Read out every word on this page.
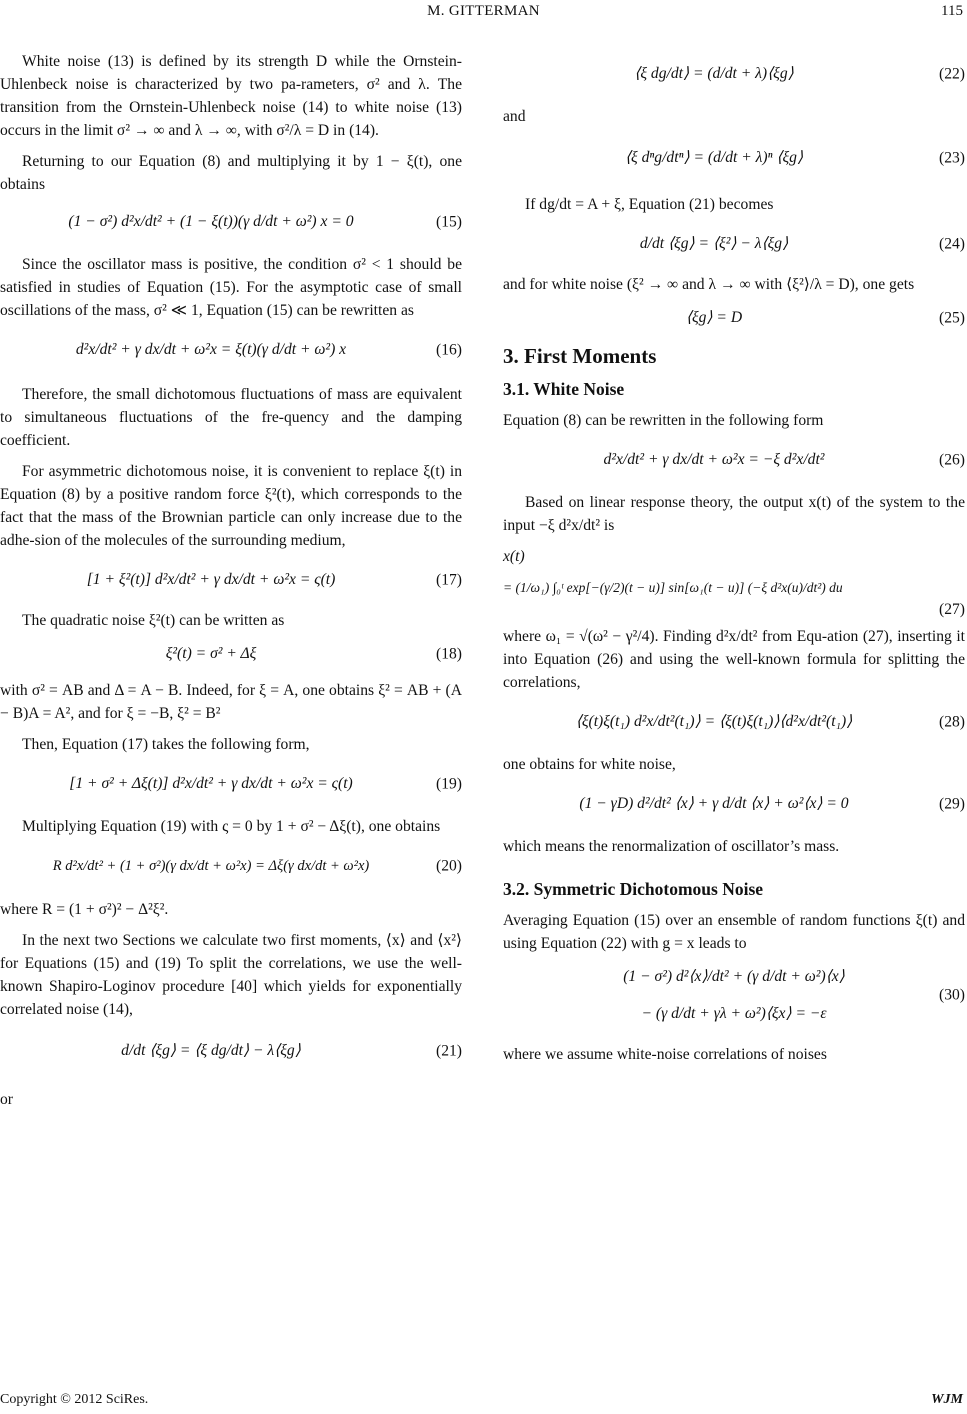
M. GITTERMAN	115

White noise (13) is defined by its strength D while the Ornstein-Uhlenbeck noise is characterized by two pa-rameters, σ² and λ. The transition from the Ornstein-Uhlenbeck noise (14) to white noise (13) occurs in the limit σ² → ∞ and λ → ∞, with σ²/λ = D in (14).

Returning to our Equation (8) and multiplying it by 1 − ξ(t), one obtains

(1 − σ²) d²x/dt² + (1 − ξ(t))(γ d/dt + ω²) x = 0	(15)

Since the oscillator mass is positive, the condition σ² < 1 should be satisfied in studies of Equation (15). For the asymptotic case of small oscillations of the mass, σ² ≪ 1, Equation (15) can be rewritten as

d²x/dt² + γ dx/dt + ω²x = ξ(t)(γ d/dt + ω²) x	(16)

Therefore, the small dichotomous fluctuations of mass are equivalent to simultaneous fluctuations of the fre-quency and the damping coefficient.

For asymmetric dichotomous noise, it is convenient to replace ξ(t) in Equation (8) by a positive random force ξ²(t), which corresponds to the fact that the mass of the Brownian particle can only increase due to the adhe-sion of the molecules of the surrounding medium,

[1 + ξ²(t)] d²x/dt² + γ dx/dt + ω²x = ς(t)	(17)

The quadratic noise ξ²(t) can be written as

ξ²(t) = σ² + Δξ	(18)

with σ² = AB and Δ = A − B. Indeed, for ξ = A, one obtains ξ² = AB + (A − B)A = A², and for ξ = −B, ξ² = B²

Then, Equation (17) takes the following form,

[1 + σ² + Δξ(t)] d²x/dt² + γ dx/dt + ω²x = ς(t)	(19)

Multiplying Equation (19) with ς = 0 by 1 + σ² − Δξ(t), one obtains

R d²x/dt² + (1 + σ²)(γ dx/dt + ω²x) = Δξ(γ dx/dt + ω²x)	(20)

where R = (1 + σ²)² − Δ²ξ².

In the next two Sections we calculate two first moments, ⟨x⟩ and ⟨x²⟩ for Equations (15) and (19) To split the correlations, we use the well-known Shapiro-Loginov procedure [40] which yields for exponentially correlated noise (14),

d/dt ⟨ξg⟩ = ⟨ξ dg/dt⟩ − λ⟨ξg⟩	(21)

or

⟨ξ dg/dt⟩ = (d/dt + λ)⟨ξg⟩	(22)

and

⟨ξ dⁿg/dtⁿ⟩ = (d/dt + λ)ⁿ ⟨ξg⟩	(23)

If dg/dt = A + ξ, Equation (21) becomes

d/dt ⟨ξg⟩ = ⟨ξ²⟩ − λ⟨ξg⟩	(24)

and for white noise (ξ² → ∞ and λ → ∞ with ⟨ξ²⟩/λ = D), one gets

⟨ξg⟩ = D	(25)
3. First Moments
3.1. White Noise

Equation (8) can be rewritten in the following form

d²x/dt² + γ dx/dt + ω²x = −ξ d²x/dt²	(26)

Based on linear response theory, the output x(t) of the system to the input −ξ d²x/dt² is

x(t)
= (1/ω₁) ∫₀ᵗ exp[−(γ/2)(t − u)] sin[ω₁(t − u)] (−ξ d²x(u)/dt²) du
(27)

where ω₁ = √(ω² − γ²/4). Finding d²x/dt² from Equ-ation (27), inserting it into Equation (26) and using the well-known formula for splitting the correlations,

⟨ξ(t)ξ(t₁) d²x/dt²(t₁)⟩ = ⟨ξ(t)ξ(t₁)⟩⟨d²x/dt²(t₁)⟩	(28)

one obtains for white noise,

(1 − γD) d²/dt² ⟨x⟩ + γ d/dt ⟨x⟩ + ω²⟨x⟩ = 0	(29)

which means the renormalization of oscillator’s mass.

3.2. Symmetric Dichotomous Noise

Averaging Equation (15) over an ensemble of random functions ξ(t) and using Equation (22) with g = x leads to

(1 − σ²) d²⟨x⟩/dt² + (γ d/dt + ω²)⟨x⟩
− (γ d/dt + γλ + ω²)⟨ξx⟩ = −ε
(30)

where we assume white-noise correlations of noises

Copyright © 2012 SciRes.	WJM
